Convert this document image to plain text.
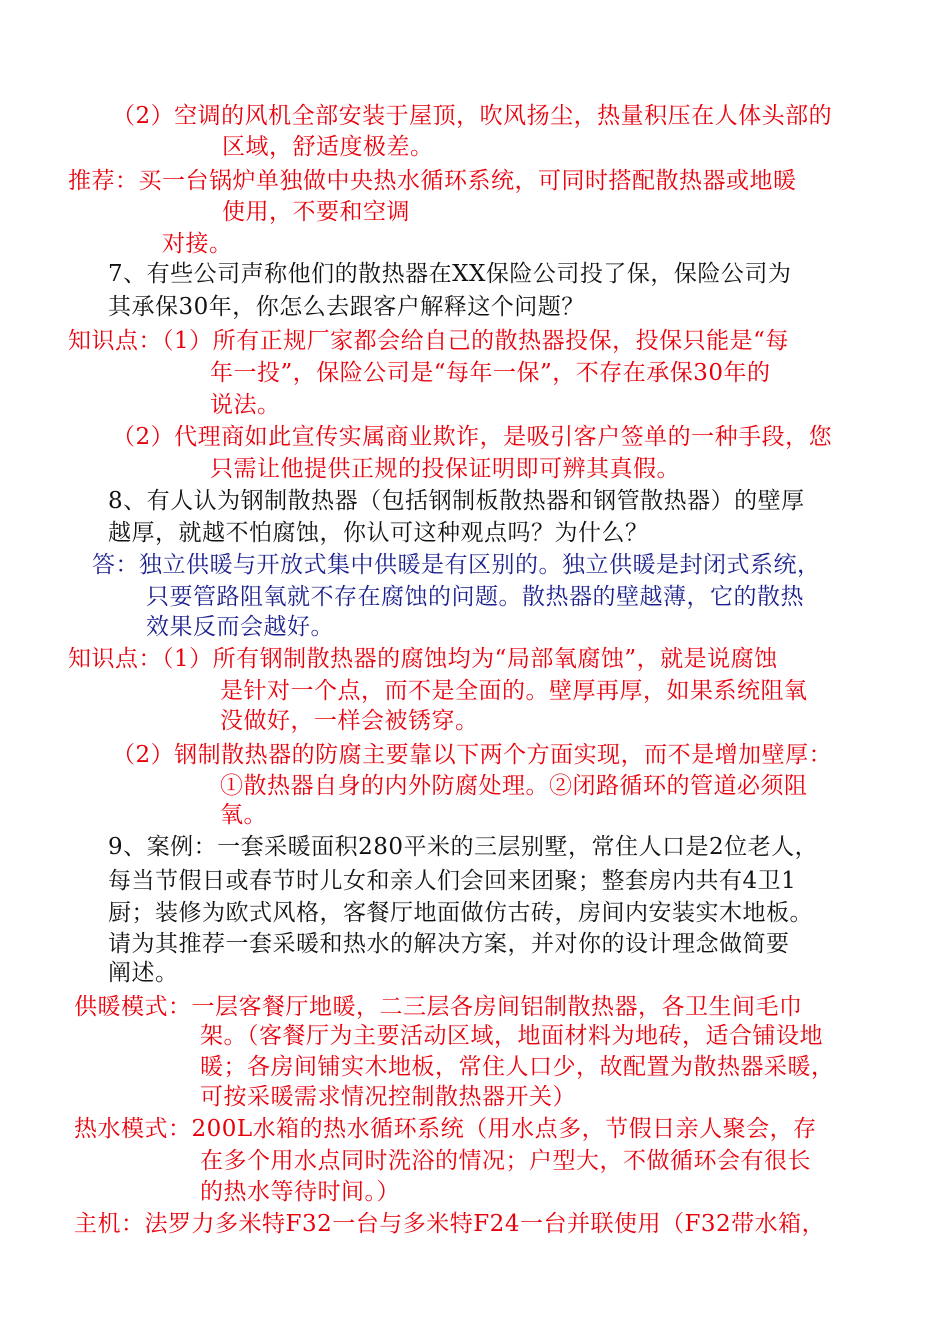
（2）空调的风机全部安装于屋顶，吹风扬尘，热量积压在人体头部的
区域，舒适度极差。
推荐：买一台锅炉单独做中央热水循环系统，可同时搭配散热器或地暖
使用，不要和空调
对接。
7、有些公司声称他们的散热器在XX保险公司投了保，保险公司为
其承保30年，你怎么去跟客户解释这个问题？
知识点：（1）所有正规厂家都会给自己的散热器投保，投保只能是“每
年一投”，保险公司是“每年一保”，不存在承保30年的
说法。
（2）代理商如此宣传实属商业欺诈，是吸引客户签单的一种手段，您
只需让他提供正规的投保证明即可辨其真假。
8、有人认为钢制散热器（包括钢制板散热器和钢管散热器）的壁厚
越厚，就越不怕腐蚀，你认可这种观点吗？为什么？
答：独立供暖与开放式集中供暖是有区别的。独立供暖是封闭式系统，
只要管路阻氧就不存在腐蚀的问题。散热器的壁越薄，它的散热
效果反而会越好。
知识点：（1）所有钢制散热器的腐蚀均为“局部氧腐蚀”，就是说腐蚀
是针对一个点，而不是全面的。壁厚再厚，如果系统阻氧
没做好，一样会被锈穿。
（2）钢制散热器的防腐主要靠以下两个方面实现，而不是增加壁厚：
①散热器自身的内外防腐处理。②闭路循环的管道必须阻
氧。
9、案例：一套采暖面积280平米的三层别墅，常住人口是2位老人，
每当节假日或春节时儿女和亲人们会回来团聚；整套房内共有4卫1
厨；装修为欧式风格，客餐厅地面做仿古砖，房间内安装实木地板。
请为其推荐一套采暖和热水的解决方案，并对你的设计理念做简要
阐述。
供暖模式：一层客餐厅地暖，二三层各房间铝制散热器，各卫生间毛巾
架。（客餐厅为主要活动区域，地面材料为地砖，适合铺设地
暖；各房间铺实木地板，常住人口少，故配置为散热器采暖，
可按采暖需求情况控制散热器开关）
热水模式：200L水箱的热水循环系统（用水点多，节假日亲人聚会，存
在多个用水点同时洗浴的情况；户型大，不做循环会有很长
的热水等待时间。）
主机：法罗力多米特F32一台与多米特F24一台并联使用（F32带水箱，
